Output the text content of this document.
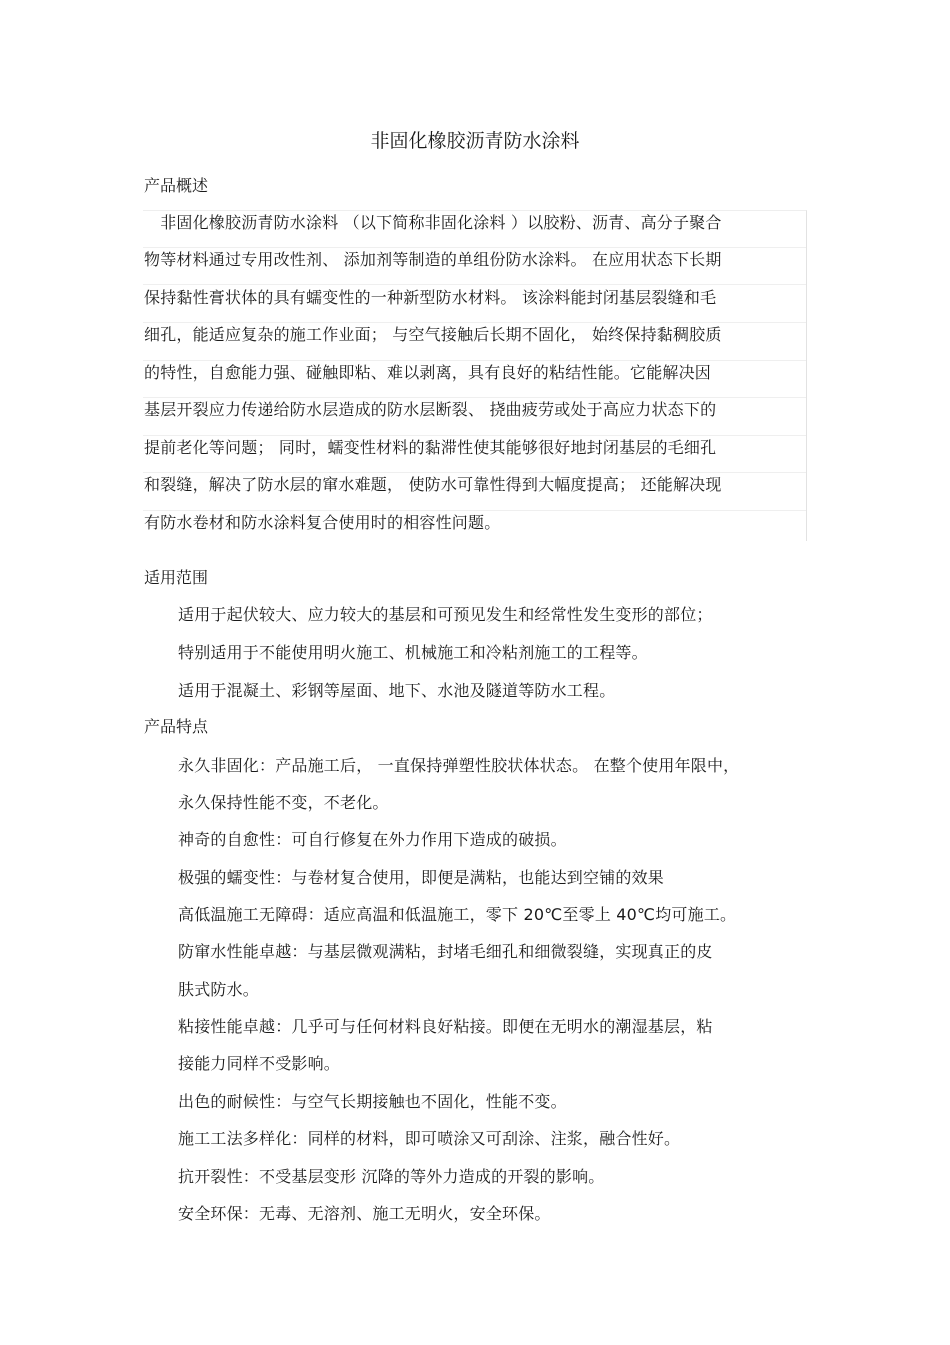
非固化橡胶沥青防水涂料
产品概述
　非固化橡胶沥青防水涂料 （以下简称非固化涂料 ）以胶粉、沥青、高分子聚合
物等材料通过专用改性剂、 添加剂等制造的单组份防水涂料。 在应用状态下长期
保持黏性膏状体的具有蠕变性的一种新型防水材料。 该涂料能封闭基层裂缝和毛
细孔，能适应复杂的施工作业面； 与空气接触后长期不固化， 始终保持黏稠胶质
的特性，自愈能力强、碰触即粘、难以剥离，具有良好的粘结性能。它能解决因
基层开裂应力传递给防水层造成的防水层断裂、 挠曲疲劳或处于高应力状态下的
提前老化等问题； 同时，蠕变性材料的黏滞性使其能够很好地封闭基层的毛细孔
和裂缝，解决了防水层的窜水难题， 使防水可靠性得到大幅度提高； 还能解决现
有防水卷材和防水涂料复合使用时的相容性问题。
适用范围
适用于起伏较大、应力较大的基层和可预见发生和经常性发生变形的部位；
特别适用于不能使用明火施工、机械施工和冷粘剂施工的工程等。
适用于混凝土、彩钢等屋面、地下、水池及隧道等防水工程。
产品特点
永久非固化：产品施工后， 一直保持弹塑性胶状体状态。 在整个使用年限中，
永久保持性能不变，不老化。
神奇的自愈性：可自行修复在外力作用下造成的破损。
极强的蠕变性：与卷材复合使用，即便是满粘，也能达到空铺的效果
高低温施工无障碍：适应高温和低温施工，零下 20℃至零上 40℃均可施工。
防窜水性能卓越：与基层微观满粘，封堵毛细孔和细微裂缝，实现真正的皮
肤式防水。
粘接性能卓越：几乎可与任何材料良好粘接。即便在无明水的潮湿基层，粘
接能力同样不受影响。
出色的耐候性：与空气长期接触也不固化，性能不变。
施工工法多样化：同样的材料，即可喷涂又可刮涂、注浆，融合性好。
抗开裂性：不受基层变形 沉降的等外力造成的开裂的影响。
安全环保：无毒、无溶剂、施工无明火，安全环保。
